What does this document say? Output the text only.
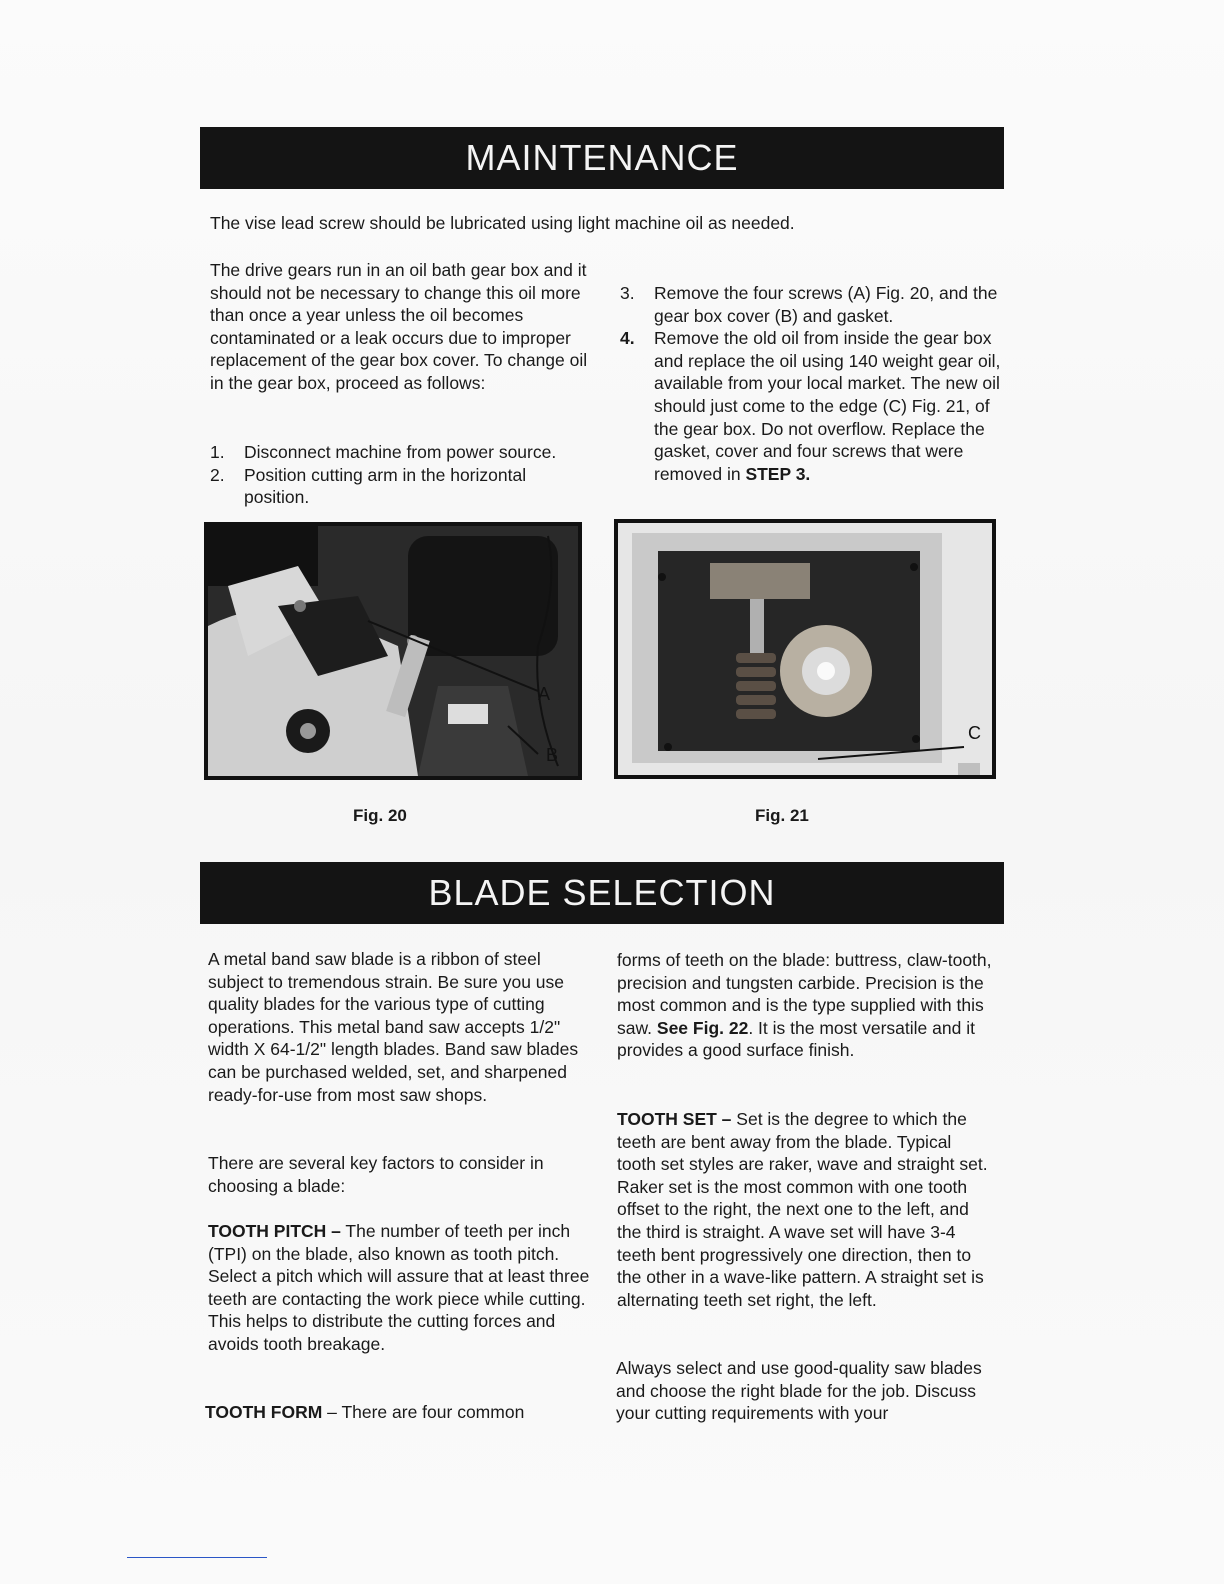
MAINTENANCE

The vise lead screw should be lubricated using light machine oil as needed.

The drive gears run in an oil bath gear box and it should not be necessary to change this oil more than once a year unless the oil becomes contaminated or a leak occurs due to improper replacement of the gear box cover. To change oil in the gear box, proceed as follows:

1. Disconnect machine from power source.
2. Position cutting arm in the horizontal position.
3. Remove the four screws (A) Fig. 20, and the gear box cover (B) and gasket.
4. Remove the old oil from inside the gear box and replace the oil using 140 weight gear oil, available from your local market. The new oil should just come to the edge (C) Fig. 21, of the gear box. Do not overflow. Replace the gasket, cover and four screws that were removed in STEP 3.
A
B
C
Fig. 20	Fig. 21
BLADE SELECTION

A metal band saw blade is a ribbon of steel subject to tremendous strain. Be sure you use quality blades for the various type of cutting operations. This metal band saw accepts 1/2" width X 64-1/2" length blades. Band saw blades can be purchased welded, set, and sharpened ready-for-use from most saw shops.

There are several key factors to consider in choosing a blade:

TOOTH PITCH – The number of teeth per inch (TPI) on the blade, also known as tooth pitch. Select a pitch which will assure that at least three teeth are contacting the work piece while cutting. This helps to distribute the cutting forces and avoids tooth breakage.

TOOTH FORM – There are four common

forms of teeth on the blade: buttress, claw-tooth, precision and tungsten carbide. Precision is the most common and is the type supplied with this saw. See Fig. 22. It is the most versatile and it provides a good surface finish.

TOOTH SET – Set is the degree to which the teeth are bent away from the blade. Typical tooth set styles are raker, wave and straight set. Raker set is the most common with one tooth offset to the right, the next one to the left, and the third is straight. A wave set will have 3-4 teeth bent progressively one direction, then to the other in a wave-like pattern. A straight set is alternating teeth set right, the left.

Always select and use good-quality saw blades and choose the right blade for the job. Discuss your cutting requirements with your
